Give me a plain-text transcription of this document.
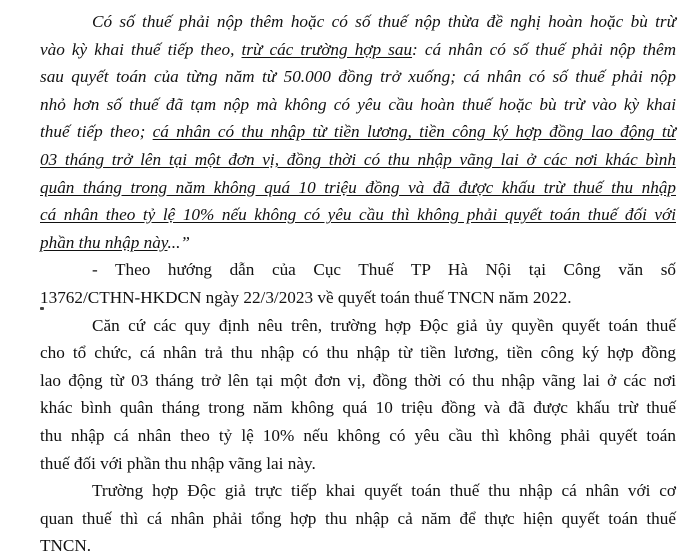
Có số thuế phải nộp thêm hoặc có số thuế nộp thừa đề nghị hoàn hoặc bù trừ
vào kỳ khai thuế tiếp theo, trừ các trường hợp sau: cá nhân có số thuế phải nộp thêm
sau quyết toán của từng năm từ 50.000 đồng trở xuống; cá nhân có số thuế phải nộp
nhỏ hơn số thuế đã tạm nộp mà không có yêu cầu hoàn thuế hoặc bù trừ vào kỳ khai
thuế tiếp theo; cá nhân có thu nhập từ tiền lương, tiền công ký hợp đồng lao động từ
03 tháng trở lên tại một đơn vị, đồng thời có thu nhập vãng lai ở các nơi khác bình
quân tháng trong năm không quá 10 triệu đồng và đã được khấu trừ thuế thu nhập
cá nhân theo tỷ lệ 10% nếu không có yêu cầu thì không phải quyết toán thuế đối với
phần thu nhập này...”
- Theo hướng dẫn của Cục Thuế TP Hà Nội tại Công văn số
13762/CTHN-HKDCN ngày 22/3/2023 về quyết toán thuế TNCN năm 2022.
Căn cứ các quy định nêu trên, trường hợp Độc giả ủy quyền quyết toán thuế
cho tổ chức, cá nhân trả thu nhập có thu nhập từ tiền lương, tiền công ký hợp đồng
lao động từ 03 tháng trở lên tại một đơn vị, đồng thời có thu nhập vãng lai ở các nơi
khác bình quân tháng trong năm không quá 10 triệu đồng và đã được khấu trừ thuế
thu nhập cá nhân theo tỷ lệ 10% nếu không có yêu cầu thì không phải quyết toán
thuế đối với phần thu nhập vãng lai này.
Trường hợp Độc giả trực tiếp khai quyết toán thuế thu nhập cá nhân với cơ
quan thuế thì cá nhân phải tổng hợp thu nhập cả năm để thực hiện quyết toán thuế
TNCN.
